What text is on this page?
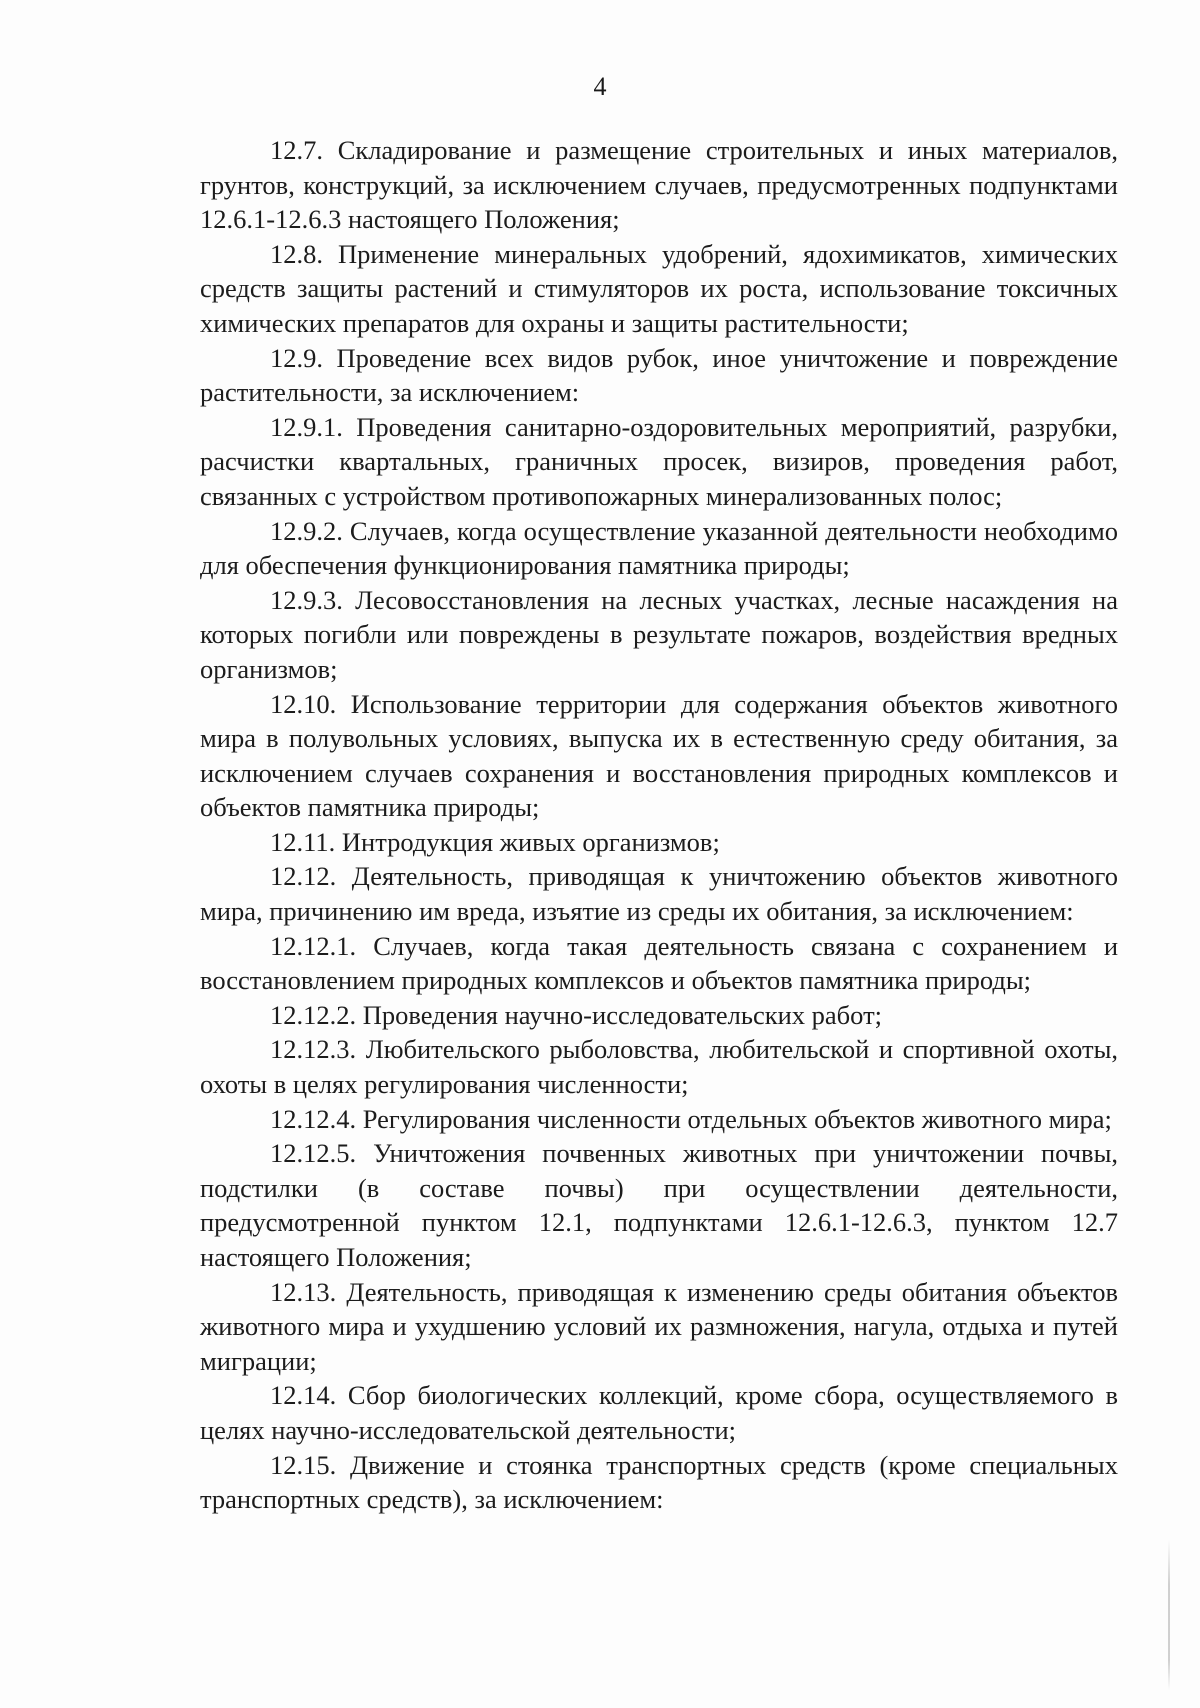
4

12.7. Складирование и размещение строительных и иных материалов, грунтов, конструкций, за исключением случаев, предусмотренных подпунктами 12.6.1-12.6.3 настоящего Положения;

12.8. Применение минеральных удобрений, ядохимикатов, химических средств защиты растений и стимуляторов их роста, использование токсичных химических препаратов для охраны и защиты растительности;

12.9. Проведение всех видов рубок, иное уничтожение и повреждение растительности, за исключением:

12.9.1. Проведения санитарно-оздоровительных мероприятий, разрубки, расчистки квартальных, граничных просек, визиров, проведения работ, связанных с устройством противопожарных минерализованных полос;

12.9.2. Случаев, когда осуществление указанной деятельности необходимо для обеспечения функционирования памятника природы;

12.9.3. Лесовосстановления на лесных участках, лесные насаждения на которых погибли или повреждены в результате пожаров, воздействия вредных организмов;

12.10. Использование территории для содержания объектов животного мира в полувольных условиях, выпуска их в естественную среду обитания, за исключением случаев сохранения и восстановления природных комплексов и объектов памятника природы;

12.11. Интродукция живых организмов;

12.12. Деятельность, приводящая к уничтожению объектов животного мира, причинению им вреда, изъятие из среды их обитания, за исключением:

12.12.1. Случаев, когда такая деятельность связана с сохранением и восстановлением природных комплексов и объектов памятника природы;

12.12.2. Проведения научно-исследовательских работ;

12.12.3. Любительского рыболовства, любительской и спортивной охоты, охоты в целях регулирования численности;

12.12.4. Регулирования численности отдельных объектов животного мира;

12.12.5. Уничтожения почвенных животных при уничтожении почвы, подстилки (в составе почвы) при осуществлении деятельности, предусмотренной пунктом 12.1, подпунктами 12.6.1-12.6.3, пунктом 12.7 настоящего Положения;

12.13. Деятельность, приводящая к изменению среды обитания объектов животного мира и ухудшению условий их размножения, нагула, отдыха и путей миграции;

12.14. Сбор биологических коллекций, кроме сбора, осуществляемого в целях научно-исследовательской деятельности;

12.15. Движение и стоянка транспортных средств (кроме специальных транспортных средств), за исключением:
